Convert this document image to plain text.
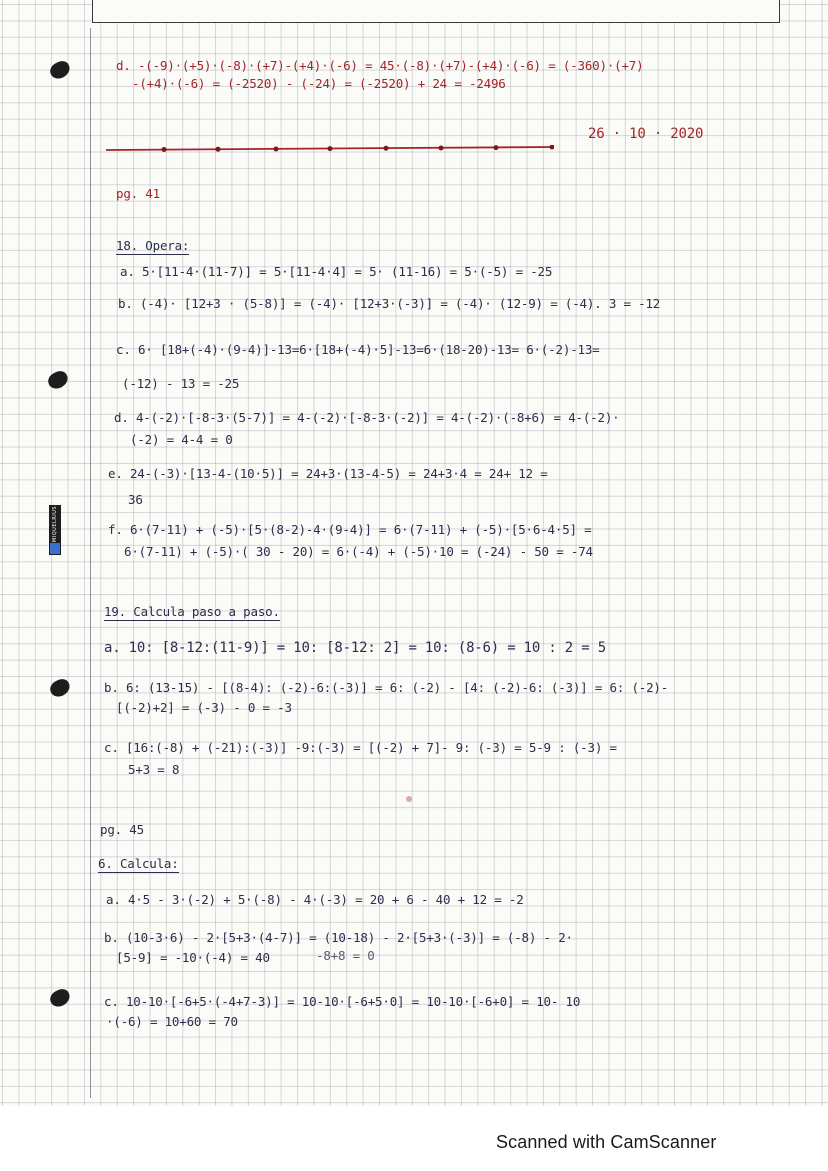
MIQUELRIUS
d. -(-9)·(+5)·(-8)·(+7)-(+4)·(-6) = 45·(-8)·(+7)-(+4)·(-6) = (-360)·(+7)
-(+4)·(-6) = (-2520) - (-24) = (-2520) + 24 = -2496
26 · 10 · 2020
pg. 41
18. Opera:
a. 5·[11-4·(11-7)] = 5·[11-4·4] = 5· (11-16) = 5·(-5) = -25
b. (-4)· [12+3 · (5-8)] = (-4)· [12+3·(-3)] = (-4)· (12-9) = (-4). 3 = -12
c. 6· [18+(-4)·(9-4)]-13=6·[18+(-4)·5]-13=6·(18-20)-13= 6·(-2)-13=
(-12) - 13 = -25
d. 4-(-2)·[-8-3·(5-7)] = 4-(-2)·[-8-3·(-2)] = 4-(-2)·(-8+6) = 4-(-2)·
(-2) = 4-4 = 0
e. 24-(-3)·[13-4-(10·5)] = 24+3·(13-4-5) = 24+3·4 = 24+ 12 =
36
f. 6·(7-11) + (-5)·[5·(8-2)-4·(9-4)] = 6·(7-11) + (-5)·[5·6-4·5] =
6·(7-11) + (-5)·( 30 - 20) = 6·(-4) + (-5)·10 = (-24) - 50 = -74
19. Calcula paso a paso.
a. 10: [8-12:(11-9)] = 10: [8-12: 2] = 10: (8-6) = 10 : 2 = 5
b. 6: (13-15) - [(8-4): (-2)-6:(-3)] = 6: (-2) - [4: (-2)-6: (-3)] = 6: (-2)-
[(-2)+2] = (-3) - 0 = -3
c. [16:(-8) + (-21):(-3)] -9:(-3) = [(-2) + 7]- 9: (-3) = 5-9 : (-3) =
5+3 = 8
pg. 45
6. Calcula:
a. 4·5 - 3·(-2) + 5·(-8) - 4·(-3) = 20 + 6 - 40 + 12 = -2
b. (10-3·6) - 2·[5+3·(4-7)] = (10-18) - 2·[5+3·(-3)] = (-8) - 2·
[5-9] = -10·(-4) = 40	-8+8 = 0
c. 10-10·[-6+5·(-4+7-3)] = 10-10·[-6+5·0] = 10-10·[-6+0] = 10- 10
·(-6) = 10+60 = 70
Scanned with CamScanner
